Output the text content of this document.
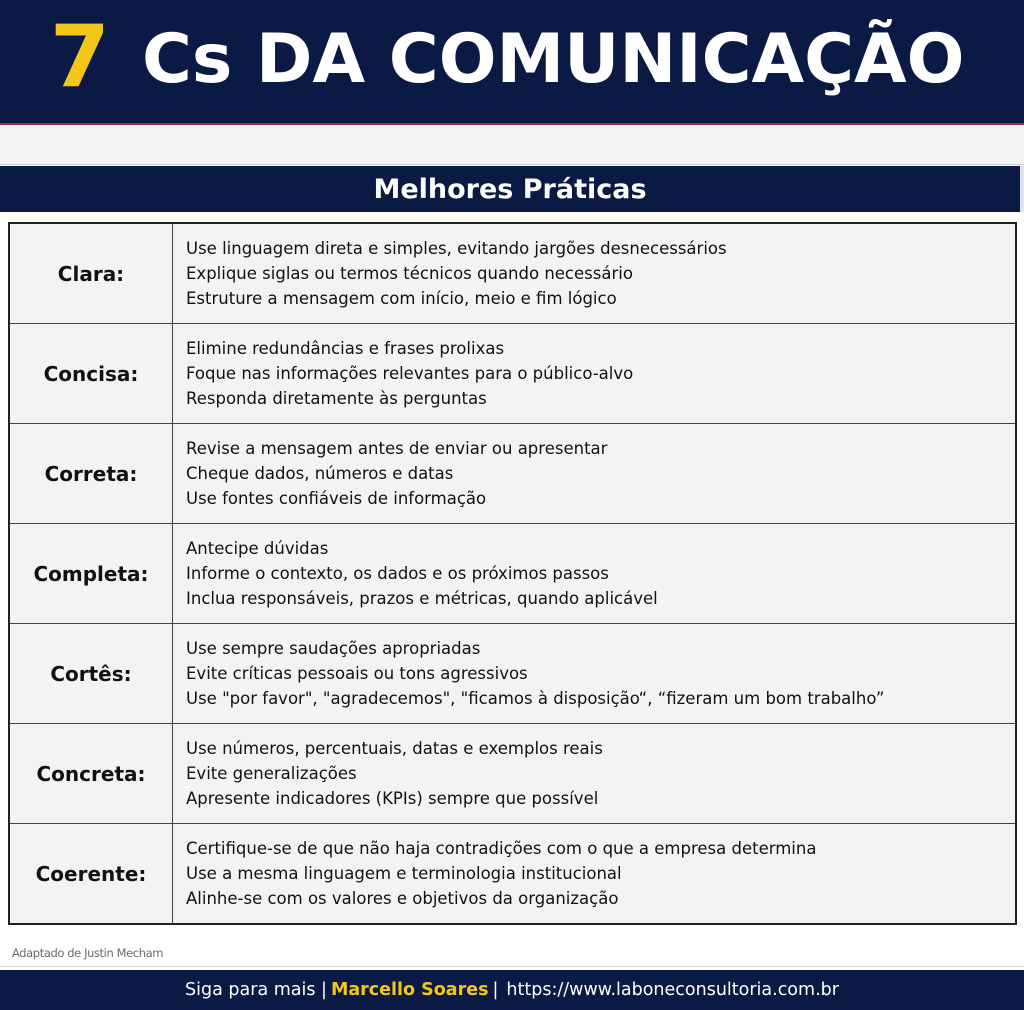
7 Cs DA COMUNICAÇÃO
Melhores Práticas
Clara:
Use linguagem direta e simples, evitando jargões desnecessários
Explique siglas ou termos técnicos quando necessário
Estruture a mensagem com início, meio e fim lógico
Concisa:
Elimine redundâncias e frases prolixas
Foque nas informações relevantes para o público-alvo
Responda diretamente às perguntas
Correta:
Revise a mensagem antes de enviar ou apresentar
Cheque dados, números e datas
Use fontes confiáveis de informação
Completa:
Antecipe dúvidas
Informe o contexto, os dados e os próximos passos
Inclua responsáveis, prazos e métricas, quando aplicável
Cortês:
Use sempre saudações apropriadas
Evite críticas pessoais ou tons agressivos
Use "por favor", "agradecemos", "ficamos à disposição“, “fizeram um bom trabalho”
Concreta:
Use números, percentuais, datas e exemplos reais
Evite generalizações
Apresente indicadores (KPIs) sempre que possível
Coerente:
Certifique-se de que não haja contradições com o que a empresa determina
Use a mesma linguagem e terminologia institucional
Alinhe-se com os valores e objetivos da organização
Adaptado de Justin Mecham
Siga para mais | Marcello Soares | https://www.laboneconsultoria.com.br
